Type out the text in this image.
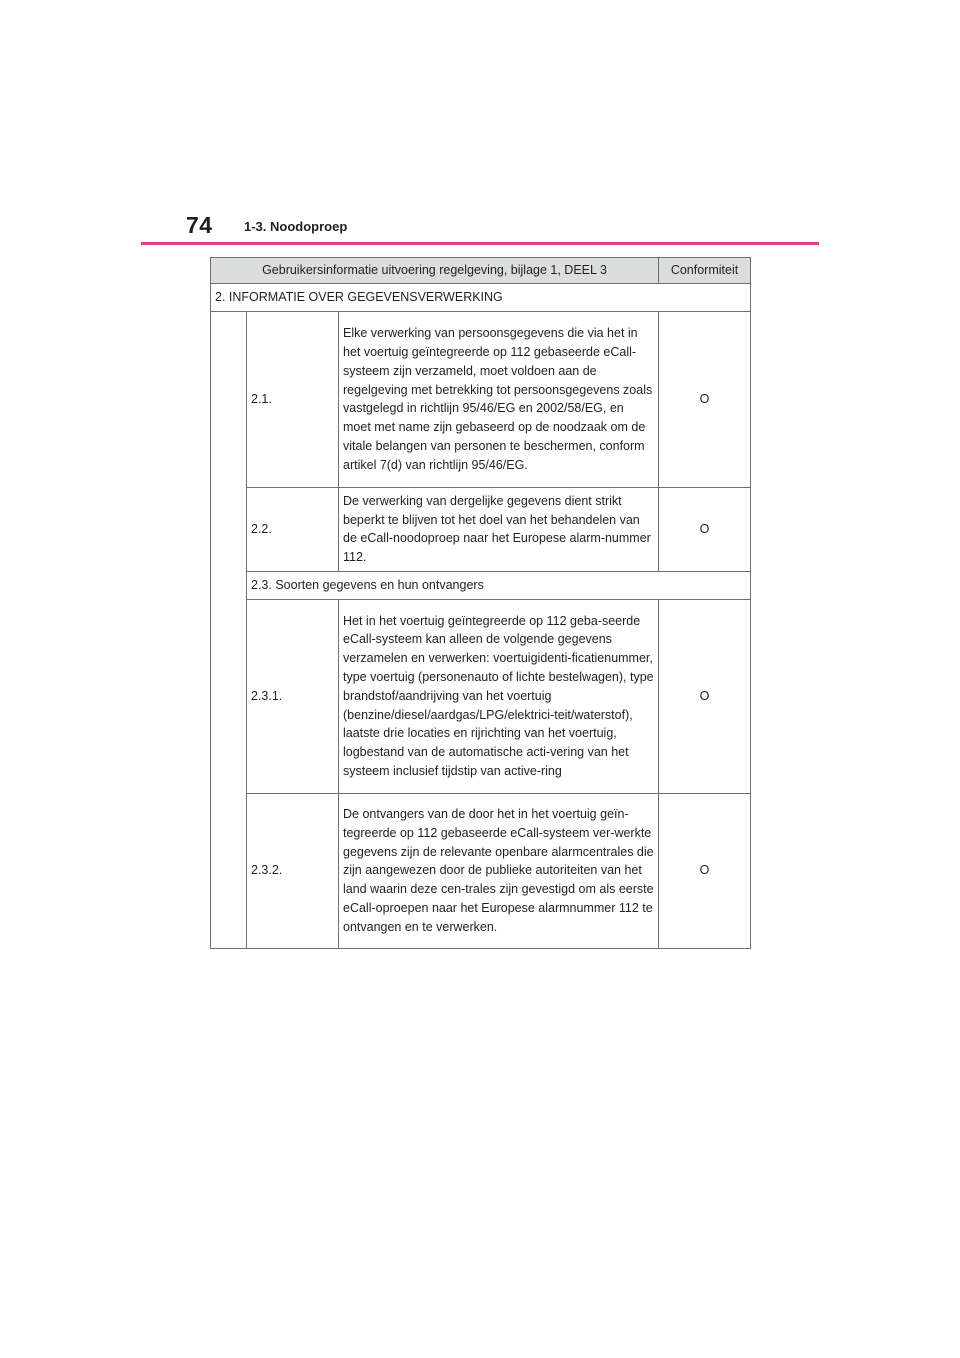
74 1-3. Noodoproep
Gebruikersinformatie uitvoering regelgeving, bijlage 1, DEEL 3			Conformiteit
2. INFORMATIE OVER GEGEVENSVERWERKING			
	2.1.	Elke verwerking van persoonsgegevens die via het in het voertuig geïntegreerde op 112 gebaseerde eCall-systeem zijn verzameld, moet voldoen aan de regelgeving met betrekking tot persoonsgegevens zoals vastgelegd in richtlijn 95/46/EG en 2002/58/EG, en moet met name zijn gebaseerd op de noodzaak om de vitale belangen van personen te beschermen, conform artikel 7(d) van richtlijn 95/46/EG.	O
	2.2.	De verwerking van dergelijke gegevens dient strikt beperkt te blijven tot het doel van het behandelen van de eCall-noodoproep naar het Europese alarm-nummer 112.	O
	2.3. Soorten gegevens en hun ontvangers		
	2.3.1.	Het in het voertuig geïntegreerde op 112 geba-seerde eCall-systeem kan alleen de volgende gegevens verzamelen en verwerken: voertuigidenti-ficatienummer, type voertuig (personenauto of lichte bestelwagen), type brandstof/aandrijving van het voertuig (benzine/diesel/aardgas/LPG/elektrici-teit/waterstof), laatste drie locaties en rijrichting van het voertuig, logbestand van de automatische acti-vering van het systeem inclusief tijdstip van active-ring	O
	2.3.2.	De ontvangers van de door het in het voertuig geïn-tegreerde op 112 gebaseerde eCall-systeem ver-werkte gegevens zijn de relevante openbare alarmcentrales die zijn aangewezen door de publieke autoriteiten van het land waarin deze cen-trales zijn gevestigd om als eerste eCall-oproepen naar het Europese alarmnummer 112 te ontvangen en te verwerken.	O
